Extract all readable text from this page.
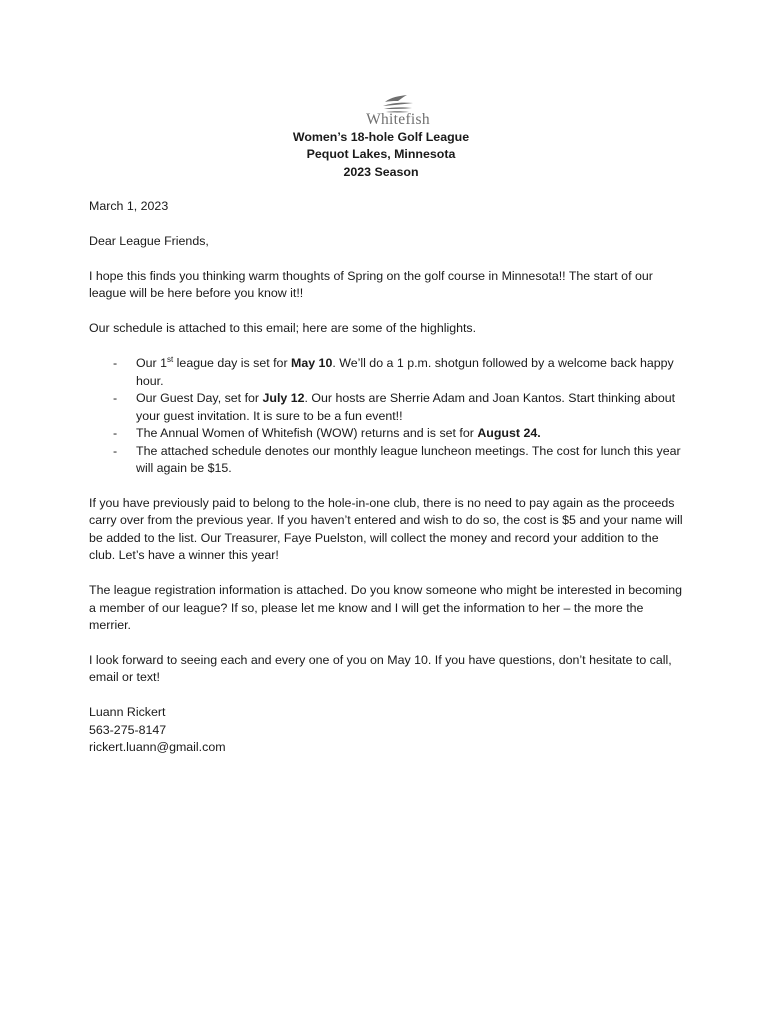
Whitefish
Women’s 18-hole Golf League
Pequot Lakes, Minnesota
2023 Season

March 1, 2023

Dear League Friends,

I hope this finds you thinking warm thoughts of Spring on the golf course in Minnesota!! The start of our league will be here before you know it!!

Our schedule is attached to this email; here are some of the highlights.

- Our 1st league day is set for May 10. We’ll do a 1 p.m. shotgun followed by a welcome back happy hour.
- Our Guest Day, set for July 12. Our hosts are Sherrie Adam and Joan Kantos. Start thinking about your guest invitation. It is sure to be a fun event!!
- The Annual Women of Whitefish (WOW) returns and is set for August 24.
- The attached schedule denotes our monthly league luncheon meetings. The cost for lunch this year will again be $15.

If you have previously paid to belong to the hole-in-one club, there is no need to pay again as the proceeds carry over from the previous year. If you haven’t entered and wish to do so, the cost is $5 and your name will be added to the list. Our Treasurer, Faye Puelston, will collect the money and record your addition to the club. Let’s have a winner this year!

The league registration information is attached. Do you know someone who might be interested in becoming a member of our league? If so, please let me know and I will get the information to her – the more the merrier.

I look forward to seeing each and every one of you on May 10. If you have questions, don’t hesitate to call, email or text!

Luann Rickert
563-275-8147
rickert.luann@gmail.com
